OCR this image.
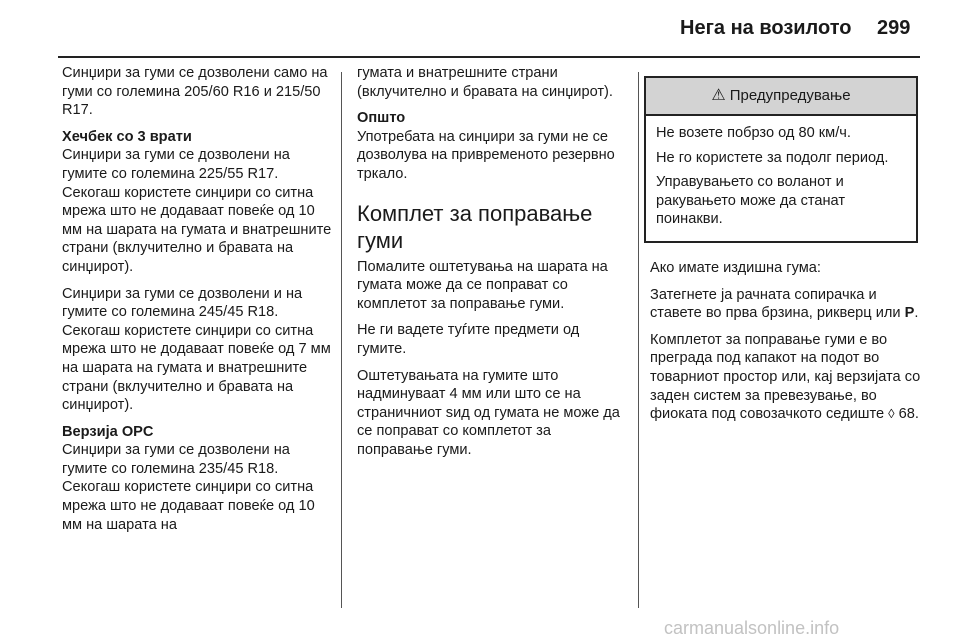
Нега на возилото 299

Синџири за гуми се дозволени само на гуми со големина 205/60 R16 и 215/50 R17.

Хечбек со 3 врати

Синџири за гуми се дозволени на гумите со големина 225/55 R17. Секогаш користете синџири со ситна мрежа што не додаваат повеќе од 10 мм на шарата на гумата и внатрешните страни (вклучително и бравата на синџирот).

Синџири за гуми се дозволени и на гумите со големина 245/45 R18. Секогаш користете синџири со ситна мрежа што не додаваат повеќе од 7 мм на шарата на гумата и внатрешните страни (вклучително и бравата на синџирот).

Верзија OPC

Синџири за гуми се дозволени на гумите со големина 235/45 R18. Секогаш користете синџири со ситна мрежа што не додаваат повеќе од 10 мм на шарата на

гумата и внатрешните страни (вклучително и бравата на синџирот).

Општо

Употребата на синџири за гуми не се дозволува на привременото резервно тркало.

Комплет за поправање гуми

Помалите оштетувања на шарата на гумата може да се поправат со комплетот за поправање гуми.

Не ги вадете туѓите предмети од гумите.

Оштетувањата на гумите што надминуваат 4 мм или што се на страничниот ѕид од гумата не може да се поправат со комплетот за поправање гуми.

⚠ Предупредување

Не возете побрзо од 80 км/ч.

Не го користете за подолг период.

Управувањето со воланот и ракувањето може да станат поинакви.

Ако имате издишна гума:

Затегнете ја рачната сопирачка и ставете во прва брзина, рикверц или P.

Комплетот за поправање гуми е во преграда под капакот на подот во товарниот простор или, кај верзијата со заден систем за превезување, во фиоката под совозачкото седиште ◊ 68.

carmanualsonline.info
